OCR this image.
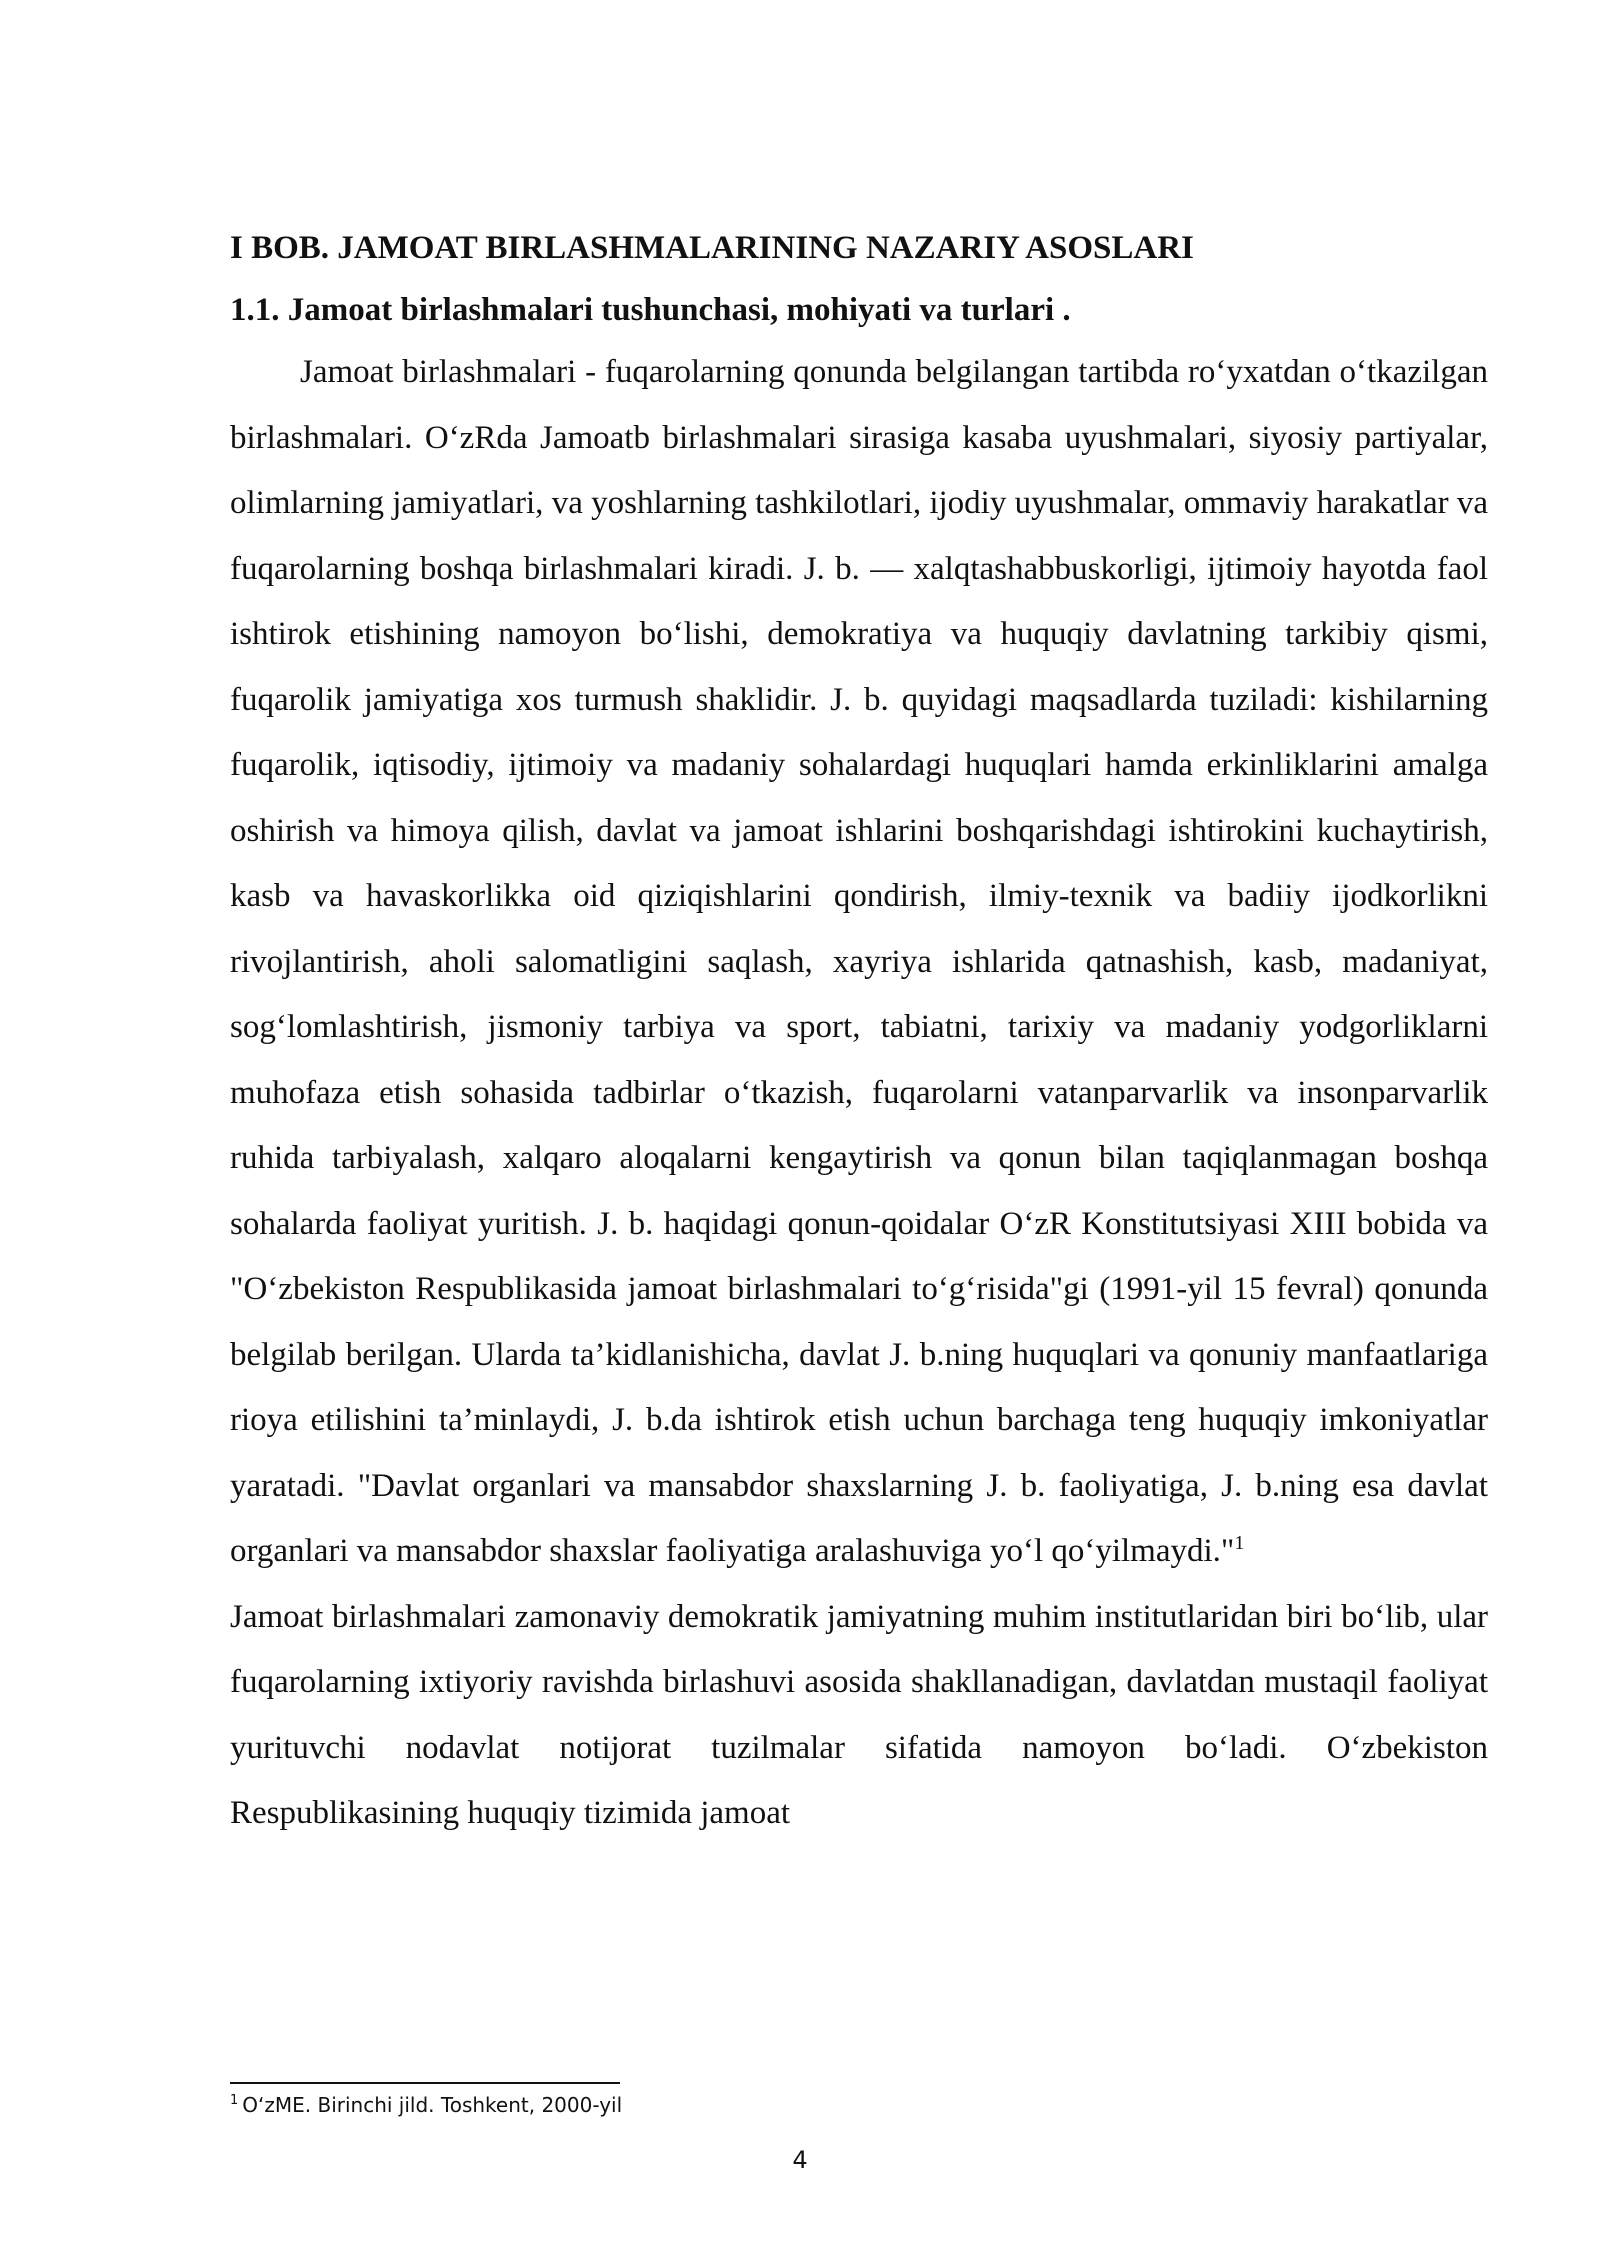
I BOB. JAMOAT BIRLASHMALARINING NAZARIY ASOSLARI
1.1. Jamoat birlashmalari tushunchasi, mohiyati va turlari .

Jamoat birlashmalari - fuqarolarning qonunda belgilangan tartibda ro‘yxatdan o‘tkazilgan birlashmalari. O‘zRda Jamoatb birlashmalari sirasiga kasaba uyushmalari, siyosiy partiyalar, olimlarning jamiyatlari, va yoshlarning tashkilotlari, ijodiy uyushmalar, ommaviy harakatlar va fuqarolarning boshqa birlashmalari kiradi. J. b. — xalqtashabbuskorligi, ijtimoiy hayotda faol ishtirok etishining namoyon bo‘lishi, demokratiya va huquqiy davlatning tarkibiy qismi, fuqarolik jamiyatiga xos turmush shaklidir. J. b. quyidagi maqsadlarda tuziladi: kishilarning fuqarolik, iqtisodiy, ijtimoiy va madaniy sohalardagi huquqlari hamda erkinliklarini amalga oshirish va himoya qilish, davlat va jamoat ishlarini boshqarishdagi ishtirokini kuchaytirish, kasb va havaskorlikka oid qiziqishlarini qondirish, ilmiy-texnik va badiiy ijodkorlikni rivojlantirish, aholi salomatligini saqlash, xayriya ishlarida qatnashish, kasb, madaniyat, sog‘lomlashtirish, jismoniy tarbiya va sport, tabiatni, tarixiy va madaniy yodgorliklarni muhofaza etish sohasida tadbirlar o‘tkazish, fuqarolarni vatanparvarlik va insonparvarlik ruhida tarbiyalash, xalqaro aloqalarni kengaytirish va qonun bilan taqiqlanmagan boshqa sohalarda faoliyat yuritish. J. b. haqidagi qonun-qoidalar O‘zR Konstitutsiyasi XIII bobida va "O‘zbekiston Respublikasida jamoat birlashmalari to‘g‘risida"gi (1991-yil 15 fevral) qonunda belgilab berilgan. Ularda ta’kidlanishicha, davlat J. b.ning huquqlari va qonuniy manfaatlariga rioya etilishini ta’minlaydi, J. b.da ishtirok etish uchun barchaga teng huquqiy imkoniyatlar yaratadi. "Davlat organlari va mansabdor shaxslarning J. b. faoliyatiga, J. b.ning esa davlat organlari va mansabdor shaxslar faoliyatiga aralashuviga yo‘l qo‘yilmaydi."$^1$

Jamoat birlashmalari zamonaviy demokratik jamiyatning muhim institutlaridan biri bo‘lib, ular fuqarolarning ixtiyoriy ravishda birlashuvi asosida shakllanadigan, davlatdan mustaqil faoliyat yurituvchi nodavlat notijorat tuzilmalar sifatida namoyon bo‘ladi. O‘zbekiston Respublikasining huquqiy tizimida jamoat

$^1$ O‘zME. Birinchi jild. Toshkent, 2000-yil
4
